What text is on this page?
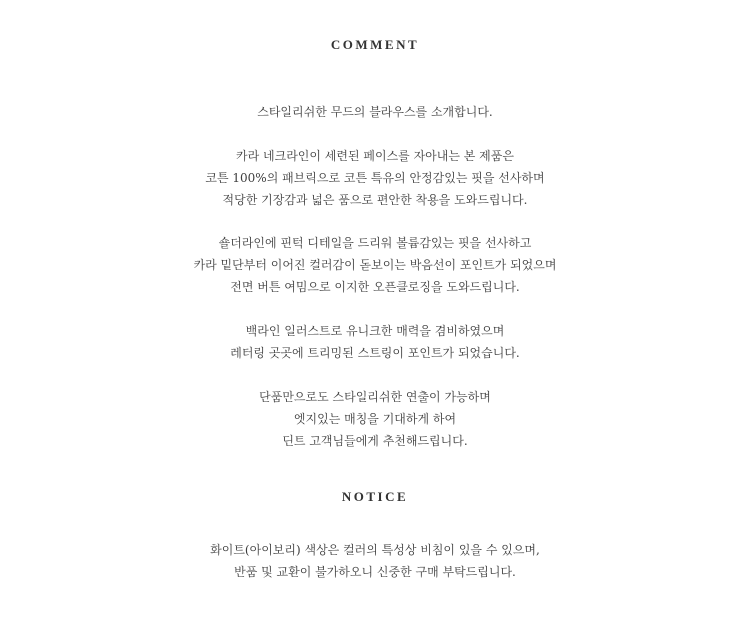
COMMENT
스타일리쉬한 무드의 블라우스를 소개합니다.
카라 네크라인이 세련된 페이스를 자아내는 본 제품은
코튼 100%의 패브릭으로 코튼 특유의 안정감있는 핏을 선사하며
적당한 기장감과 넓은 품으로 편안한 착용을 도와드립니다.
숄더라인에 핀턱 디테일을 드리워 볼륨감있는 핏을 선사하고
카라 밑단부터 이어진 컬러감이 돋보이는 박음선이 포인트가 되었으며
전면 버튼 여밈으로 이지한 오픈클로징을 도와드립니다.
백라인 일러스트로 유니크한 매력을 겸비하였으며
레터링 곳곳에 트리밍된 스트링이 포인트가 되었습니다.
단품만으로도 스타일리쉬한 연출이 가능하며
엣지있는 매칭을 기대하게 하여
딘트 고객님들에게 추천해드립니다.
NOTICE
화이트(아이보리) 색상은 컬러의 특성상 비침이 있을 수 있으며,
반품 및 교환이 불가하오니 신중한 구매 부탁드립니다.
